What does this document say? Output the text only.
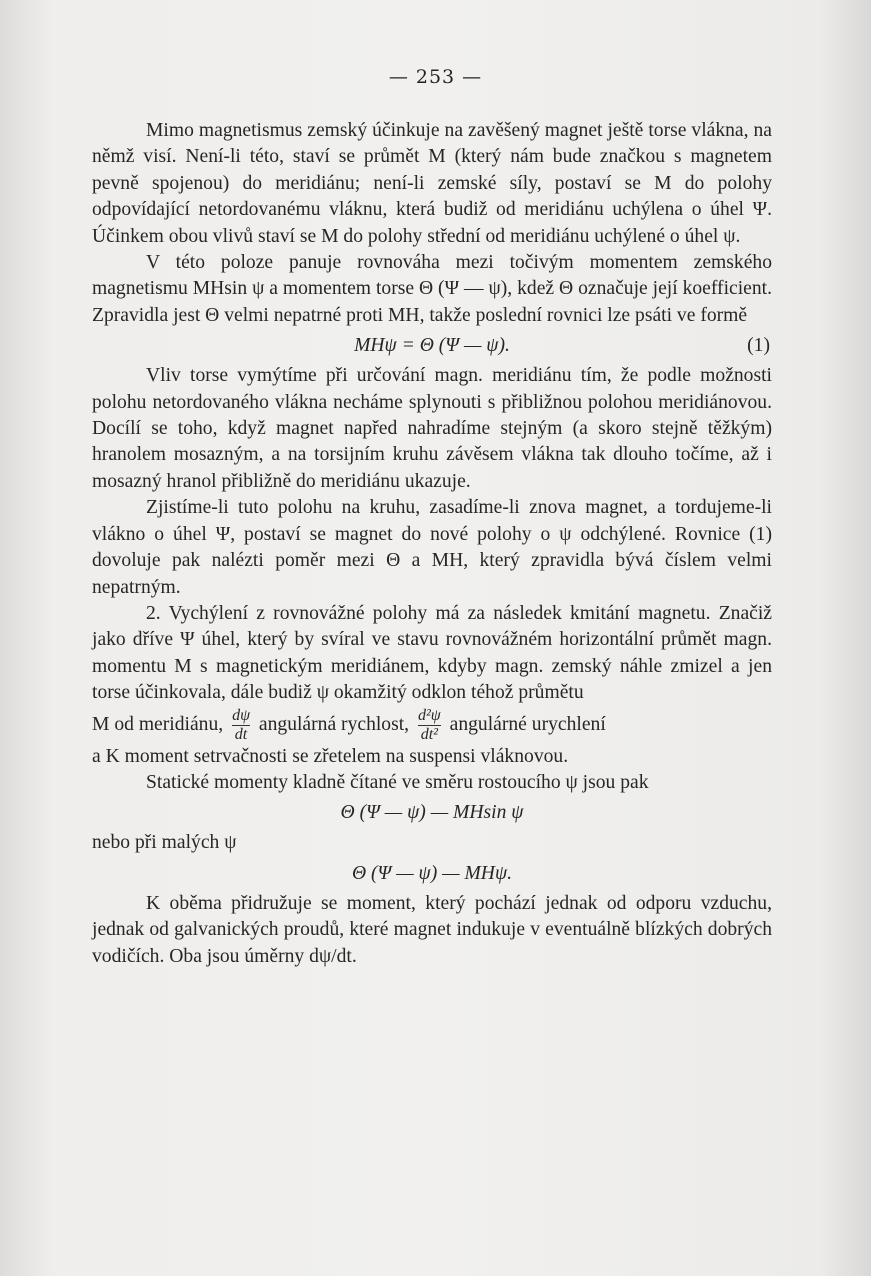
— 253 —

Mimo magnetismus zemský účinkuje na zavěšený magnet ještě torse vlákna, na němž visí. Není-li této, staví se průmět M (který nám bude značkou s magnetem pevně spojenou) do meridiánu; není-li zemské síly, postaví se M do polohy odpovídající netordovanému vláknu, která budiž od meridiánu uchýlena o úhel Ψ. Účinkem obou vlivů staví se M do polohy střední od meridiánu uchýlené o úhel ψ.

V této poloze panuje rovnováha mezi točivým momentem zemského magnetismu MHsin ψ a momentem torse Θ (Ψ — ψ), kdež Θ označuje její koefficient. Zpravidla jest Θ velmi nepatrné proti MH, takže poslední rovnici lze psáti ve formě

MHψ = Θ (Ψ — ψ).	(1)

Vliv torse vymýtíme při určování magn. meridiánu tím, že podle možnosti polohu netordovaného vlákna necháme splynouti s přibližnou polohou meridiánovou. Docílí se toho, když magnet napřed nahradíme stejným (a skoro stejně těžkým) hranolem mosazným, a na torsijním kruhu závěsem vlákna tak dlouho točíme, až i mosazný hranol přibližně do meridiánu ukazuje.

Zjistíme-li tuto polohu na kruhu, zasadíme-li znova magnet, a tordujeme-li vlákno o úhel Ψ, postaví se magnet do nové polohy o ψ odchýlené. Rovnice (1) dovoluje pak nalézti poměr mezi Θ a MH, který zpravidla bývá číslem velmi nepatrným.

2. Vychýlení z rovnovážné polohy má za následek kmitání magnetu. Značiž jako dříve Ψ úhel, který by svíral ve stavu rovnovážném horizontální průmět magn. momentu M s magnetickým meridiánem, kdyby magn. zemský náhle zmizel a jen torse účinkovala, dále budiž ψ okamžitý odklon téhož průmětu

M od meridiánu, $\frac{d\psi}{dt}$ angulárná rychlost, $\frac{\text{d²ψ}}{\text{dt²}}$ angulárné urychlení

a K moment setrvačnosti se zřetelem na suspensi vláknovou.

Statické momenty kladně čítané ve směru rostoucího ψ jsou pak

Θ (Ψ — ψ) — MHsin ψ

nebo při malých ψ

Θ (Ψ — ψ) — MHψ.

K oběma přidružuje se moment, který pochází jednak od odporu vzduchu, jednak od galvanických proudů, které magnet indukuje v eventuálně blízkých dobrých vodičích. Oba jsou úměrny dψ/dt.
